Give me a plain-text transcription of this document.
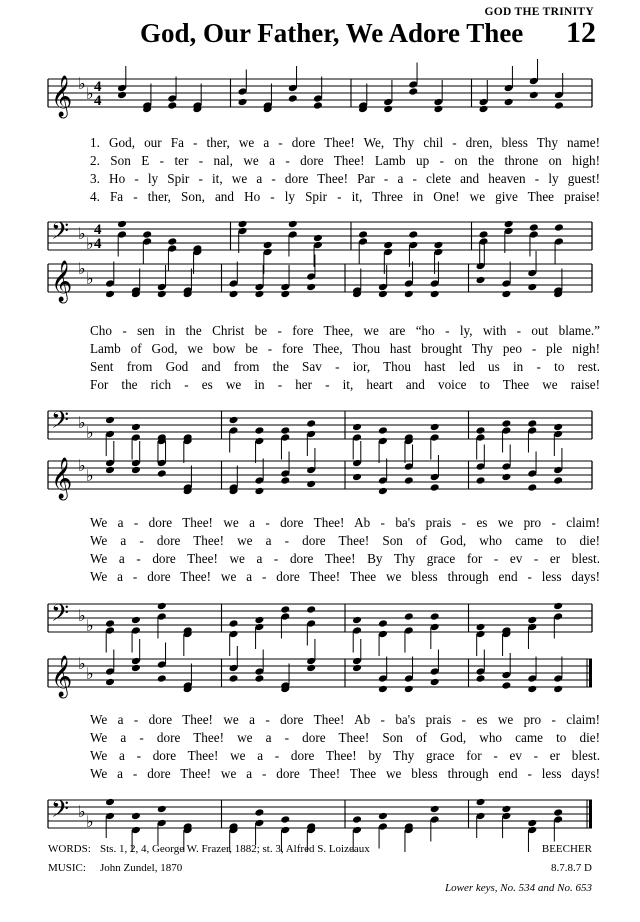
GOD THE TRINITY
God, Our Father, We Adore Thee 12
𝄞 ♭
♭ 4
4
1. God, our Fa - ther, we a - dore Thee! We, Thy chil - dren, bless Thy name!
2. Son E - ter - nal, we a - dore Thee! Lamb up - on the throne on high!
3. Ho - ly Spir - it, we a - dore Thee! Par - a - clete and heaven - ly guest!
4. Fa - ther, Son, and Ho - ly Spir - it, Three in One! we give Thee praise!
𝄢 ♭
♭
4
4
𝄞 ♭
♭
Cho - sen in the Christ be - fore Thee, we are “ho - ly, with - out blame.”
Lamb of God, we bow be - fore Thee, Thou hast brought Thy peo - ple nigh!
Sent from God and from the Sav - ior, Thou hast led us in - to rest.
For the rich - es we in - her - it, heart and voice to Thee we raise!
𝄢 ♭
♭
𝄞 ♭
♭
We a - dore Thee! we a - dore Thee! Ab - ba's prais - es we pro - claim!
We a - dore Thee! we a - dore Thee! Son of God, who came to die!
We a - dore Thee! we a - dore Thee! By Thy grace for - ev - er blest.
We a - dore Thee! we a - dore Thee! Thee we bless through end - less days!
𝄢 ♭
♭
𝄞 ♭
♭
We a - dore Thee! we a - dore Thee! Ab - ba's prais - es we pro - claim!
We a - dore Thee! we a - dore Thee! Son of God, who came to die!
We a - dore Thee! we a - dore Thee! by Thy grace for - ev - er blest.
We a - dore Thee! we a - dore Thee! Thee we bless through end - less days!
𝄢 ♭
♭
WORDS: Sts. 1, 2, 4, George W. Frazer, 1882; st. 3, Alfred S. Loizeaux
MUSIC: John Zundel, 1870
BEECHER
8.7.8.7 D
Lower keys, No. 534 and No. 653
